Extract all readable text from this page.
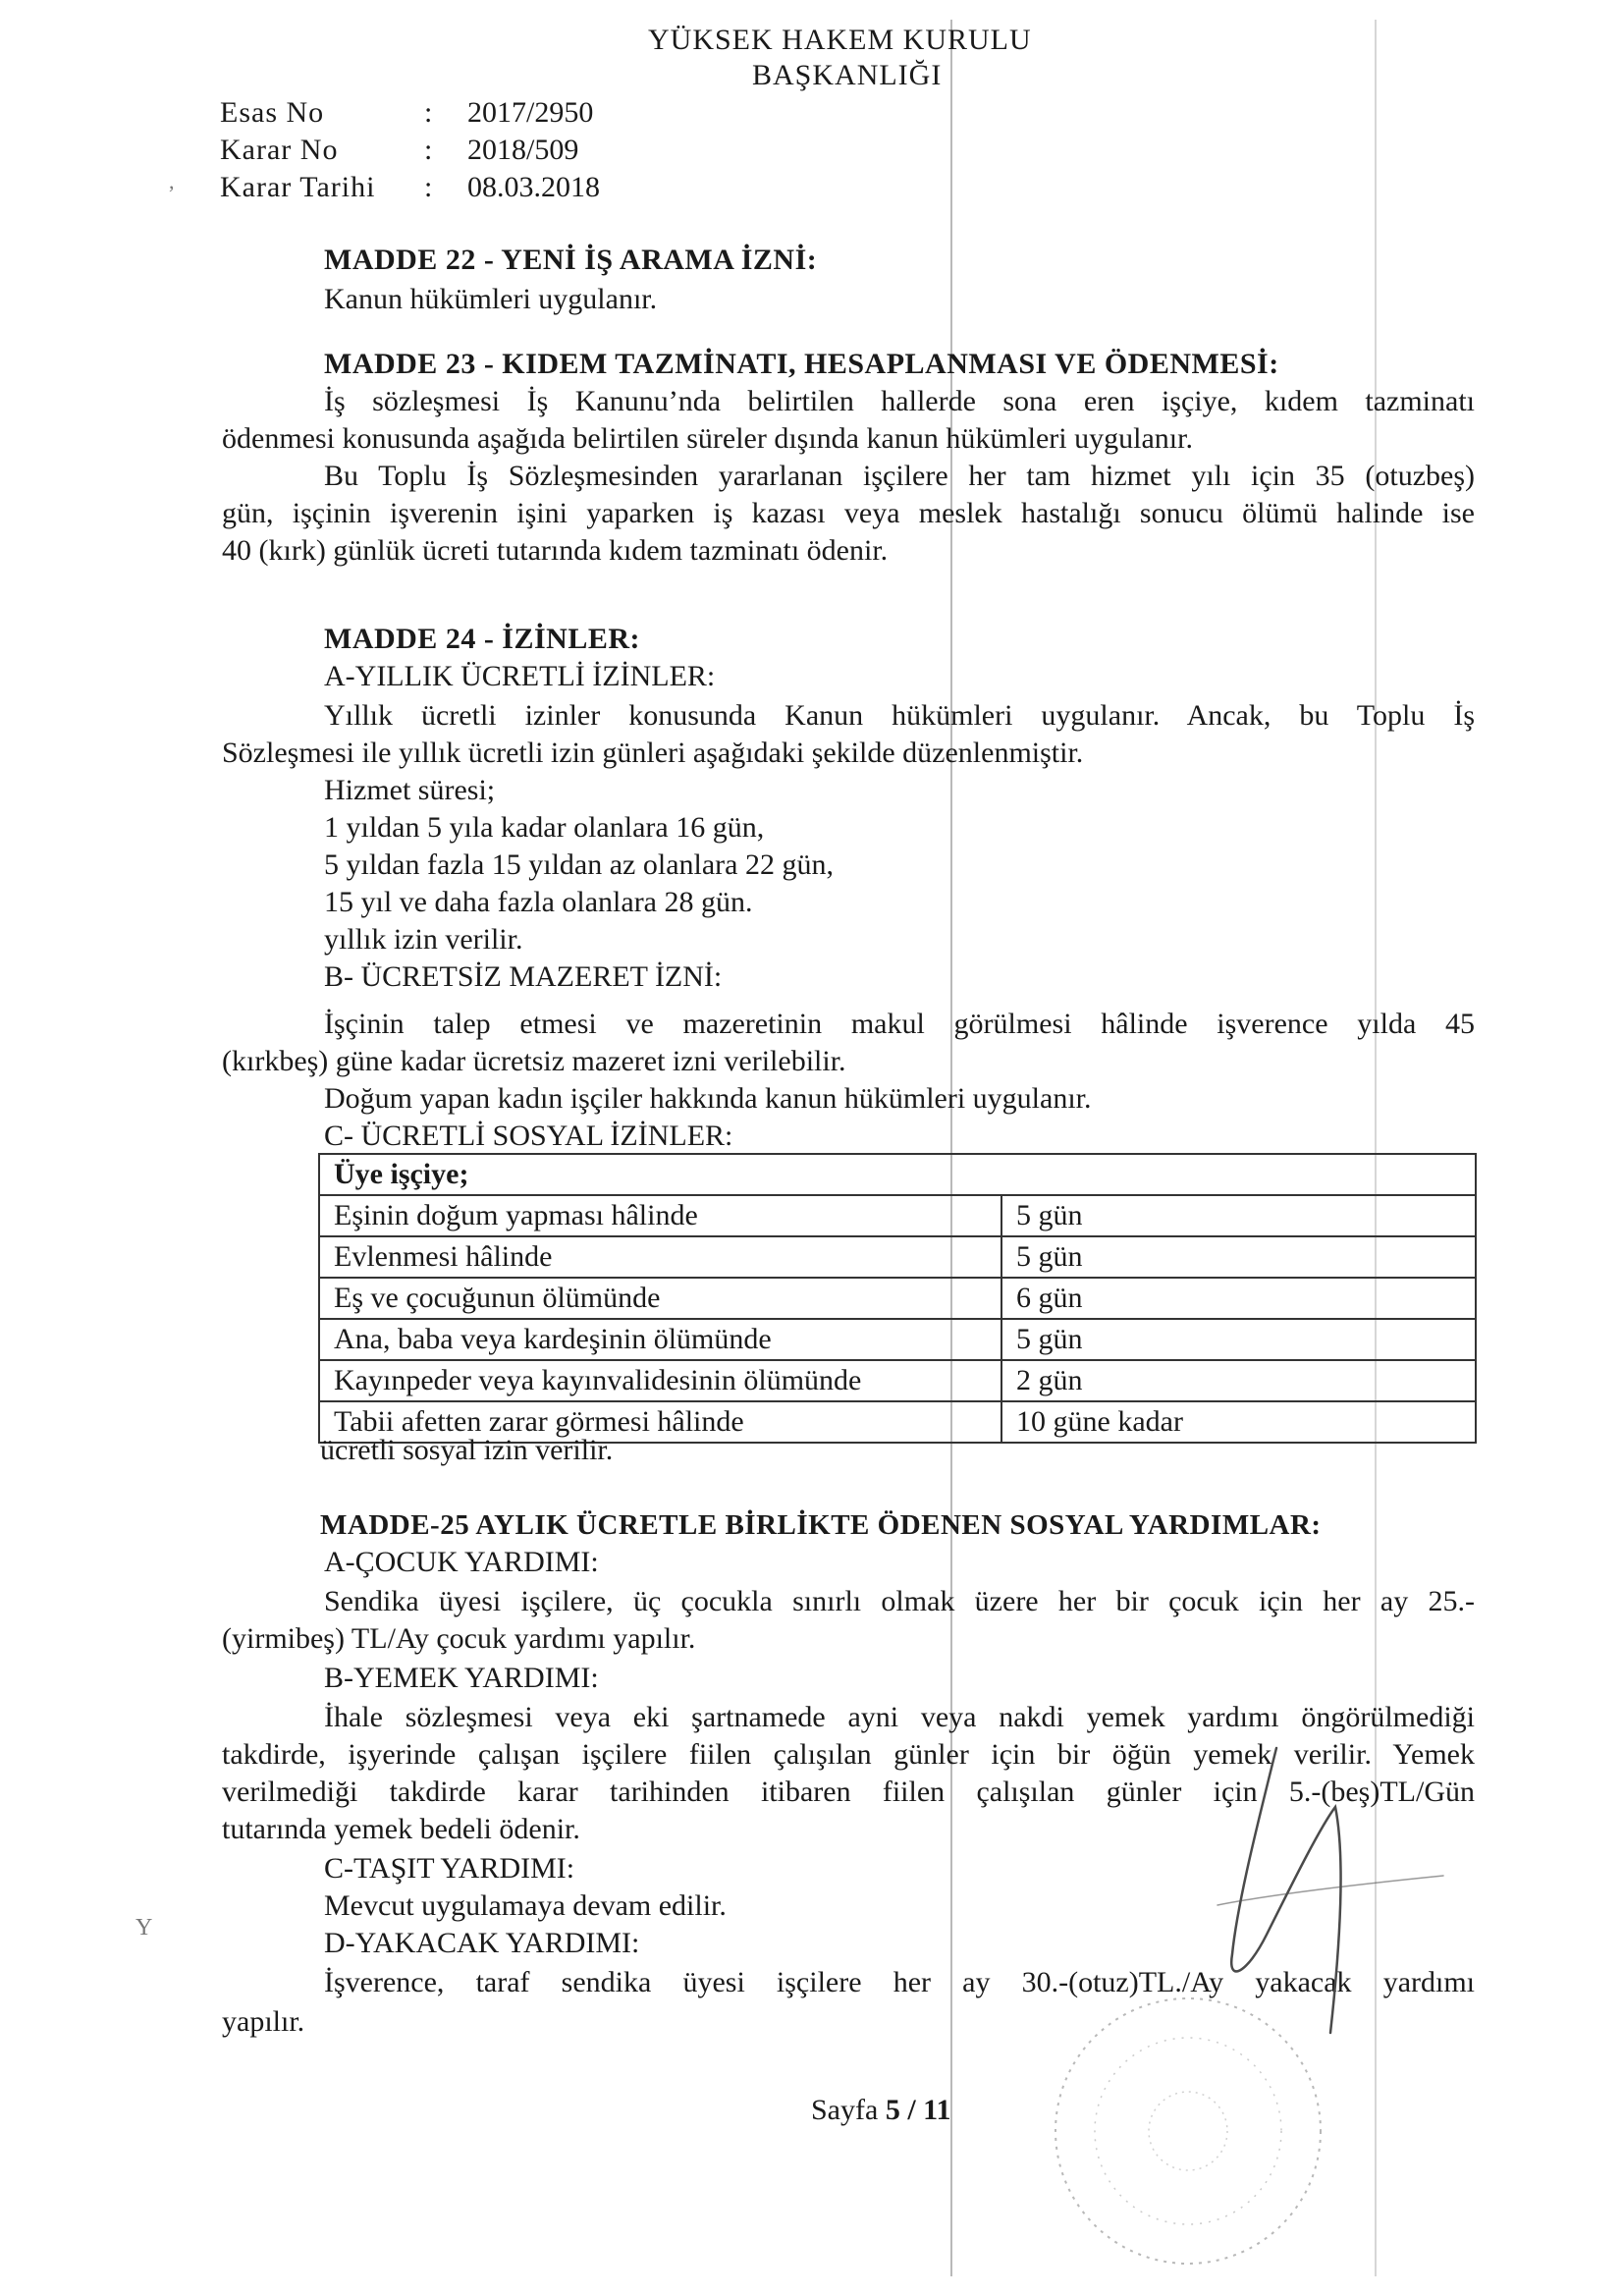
YÜKSEK HAKEM KURULU
BAŞKANLIĞI
Esas No	: 2017/2950
Karar No	: 2018/509
Karar Tarihi : 08.03.2018
MADDE 22 - YENİ İŞ ARAMA İZNİ:
Kanun hükümleri uygulanır.
MADDE 23 - KIDEM TAZMİNATI, HESAPLANMASI VE ÖDENMESİ:
İş sözleşmesi İş Kanunu’nda belirtilen hallerde sona eren işçiye, kıdem tazminatı
ödenmesi konusunda aşağıda belirtilen süreler dışında kanun hükümleri uygulanır.
Bu Toplu İş Sözleşmesinden yararlanan işçilere her tam hizmet yılı için 35 (otuzbeş)
gün, işçinin işverenin işini yaparken iş kazası veya meslek hastalığı sonucu ölümü halinde ise
40 (kırk) günlük ücreti tutarında kıdem tazminatı ödenir.
MADDE 24 - İZİNLER:
A-YILLIK ÜCRETLİ İZİNLER:
Yıllık ücretli izinler konusunda Kanun hükümleri uygulanır. Ancak, bu Toplu İş
Sözleşmesi ile yıllık ücretli izin günleri aşağıdaki şekilde düzenlenmiştir.
Hizmet süresi;
1 yıldan 5 yıla kadar olanlara 16 gün,
5 yıldan fazla 15 yıldan az olanlara 22 gün,
15 yıl ve daha fazla olanlara 28 gün.
yıllık izin verilir.
B- ÜCRETSİZ MAZERET İZNİ:
İşçinin talep etmesi ve mazeretinin makul görülmesi hâlinde işverence yılda 45
(kırkbeş) güne kadar ücretsiz mazeret izni verilebilir.
Doğum yapan kadın işçiler hakkında kanun hükümleri uygulanır.
C- ÜCRETLİ SOSYAL İZİNLER:
Üye işçiye;	
Eşinin doğum yapması hâlinde	5 gün
Evlenmesi hâlinde	5 gün
Eş ve çocuğunun ölümünde	6 gün
Ana, baba veya kardeşinin ölümünde	5 gün
Kayınpeder veya kayınvalidesinin ölümünde	2 gün
Tabii afetten zarar görmesi hâlinde	10 güne kadar
ücretli sosyal izin verilir.
MADDE-25 AYLIK ÜCRETLE BİRLİKTE ÖDENEN SOSYAL YARDIMLAR:
A-ÇOCUK YARDIMI:
Sendika üyesi işçilere, üç çocukla sınırlı olmak üzere her bir çocuk için her ay 25.-
(yirmibeş) TL/Ay çocuk yardımı yapılır.
B-YEMEK YARDIMI:
İhale sözleşmesi veya eki şartnamede ayni veya nakdi yemek yardımı öngörülmediği
takdirde, işyerinde çalışan işçilere fiilen çalışılan günler için bir öğün yemek verilir. Yemek
verilmediği takdirde karar tarihinden itibaren fiilen çalışılan günler için 5.-(beş)TL/Gün
tutarında yemek bedeli ödenir.
C-TAŞIT YARDIMI:
Mevcut uygulamaya devam edilir.
D-YAKACAK YARDIMI:
İşverence, taraf sendika üyesi işçilere her ay 30.-(otuz)TL./Ay yakacak yardımı
yapılır.
Sayfa 5 / 11
Y
,
